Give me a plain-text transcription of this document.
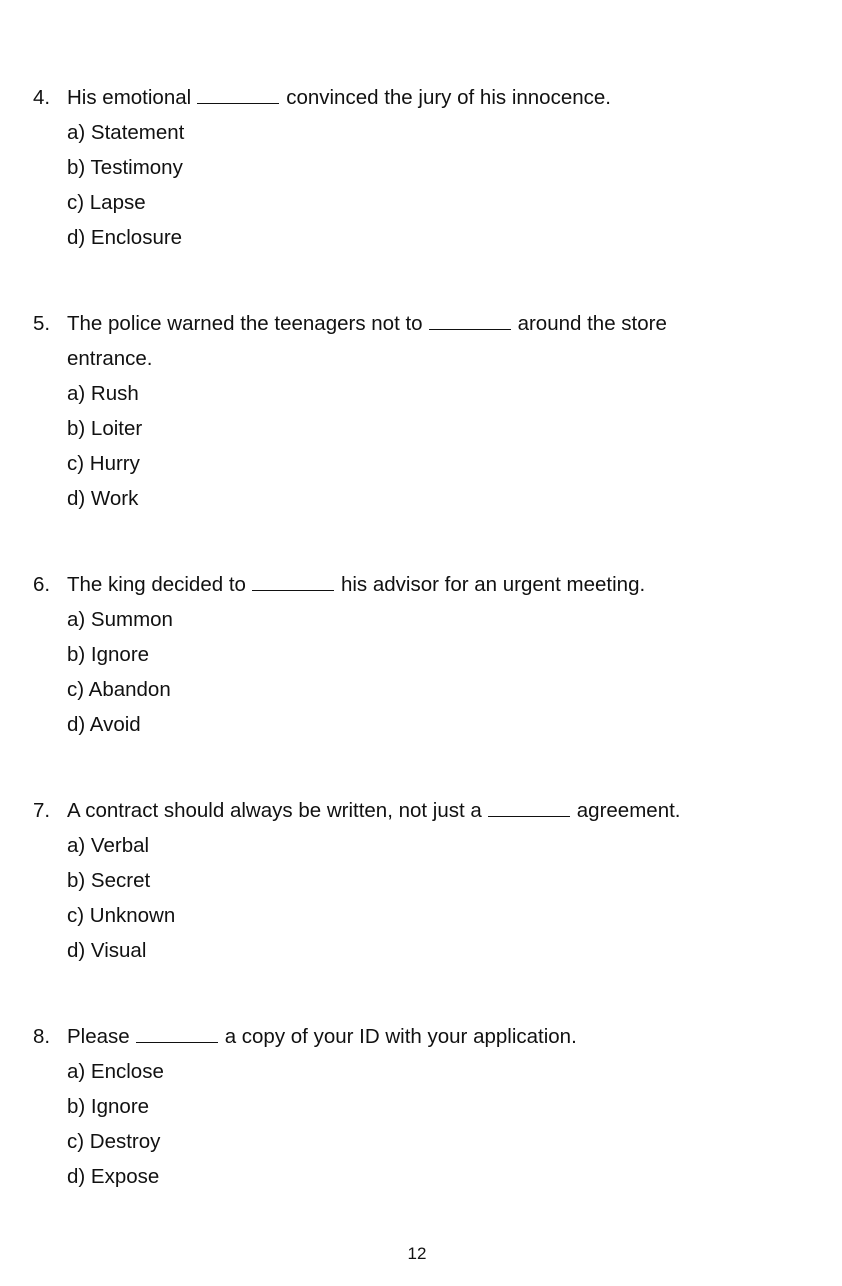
4. His emotional	convinced the jury of his innocence.
a) Statement
b) Testimony
c) Lapse
d) Enclosure
5. The police warned the teenagers not to	around the store entrance.
a) Rush
b) Loiter
c) Hurry
d) Work
6. The king decided to	his advisor for an urgent meeting.
a) Summon
b) Ignore
c) Abandon
d) Avoid
7. A contract should always be written, not just a	agreement.
a) Verbal
b) Secret
c) Unknown
d) Visual
8. Please	a copy of your ID with your application.
a) Enclose
b) Ignore
c) Destroy
d) Expose
12
